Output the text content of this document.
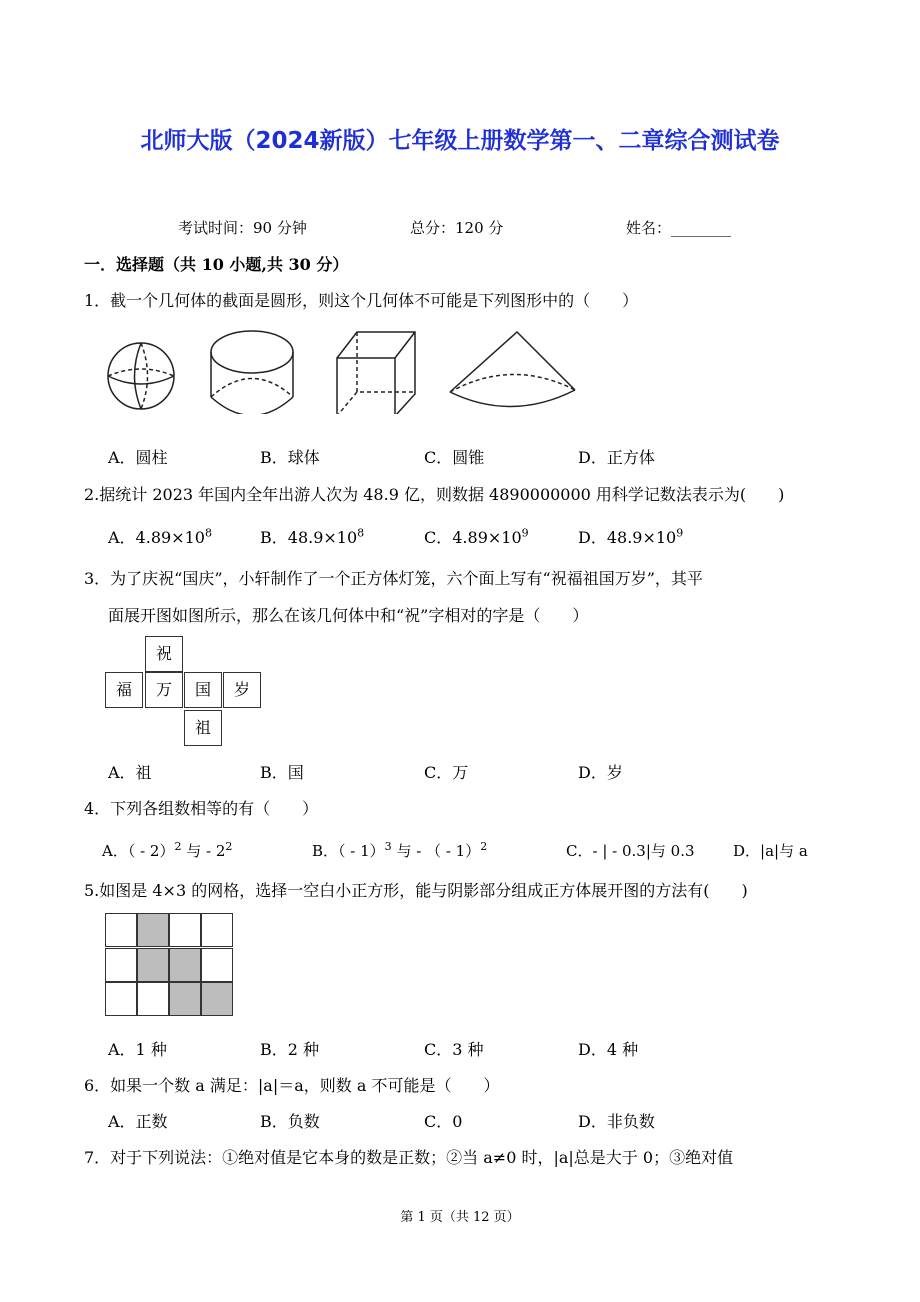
北师大版（2024新版）七年级上册数学第一、二章综合测试卷
考试时间：90 分钟	总分：120 分	姓名：________
一．选择题（共 10 小题,共 30 分）
1．截一个几何体的截面是圆形，则这个几何体不可能是下列图形中的（　　）
A．圆柱	B．球体	C．圆锥	D．正方体
2.据统计 2023 年国内全年出游人次为 48.9 亿，则数据 4890000000 用科学记数法表示为(　　)
A．$4.89\times 10^8$	B．$48.9\times 10^8$	C．$4.89\times 10^9$	D．$48.9\times 10^9$
3．为了庆祝“国庆”，小轩制作了一个正方体灯笼，六个面上写有“祝福祖国万岁”，其平
面展开图如图所示，那么在该几何体中和“祝”字相对的字是（　　）
祝
福	万	国	岁
祖
A．祖	B．国	C．万	D．岁
4．下列各组数相等的有（　　）
A．（ - 2）$^2$ 与 - $2^2$	B．（ - 1）$^3$ 与 - （ - 1）$^2$	C．- | - 0.3|与 0.3	D．|a|与 a
5.如图是 4×3 的网格，选择一空白小正方形，能与阴影部分组成正方体展开图的方法有(　　)
A．1 种	B．2 种	C．3 种	D．4 种
6．如果一个数 a 满足：|a|＝a，则数 a 不可能是（　　）
A．正数	B．负数	C．0	D．非负数
7．对于下列说法：①绝对值是它本身的数是正数；②当 a≠0 时，|a|总是大于 0；③绝对值
第 1 页（共 12 页）
